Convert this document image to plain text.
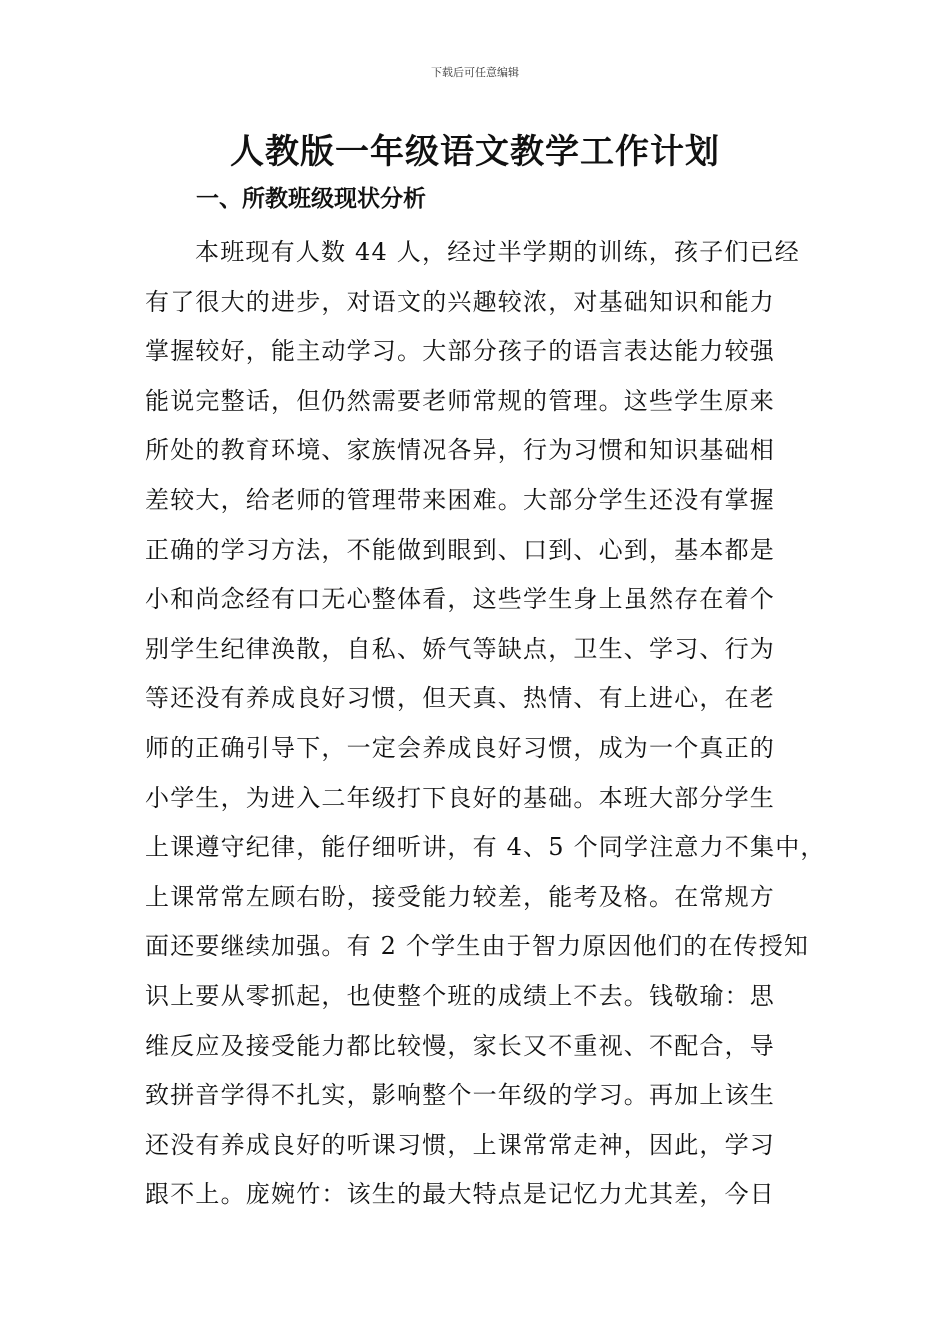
下载后可任意编辑
人教版一年级语文教学工作计划
一、所教班级现状分析
本班现有人数 44 人，经过半学期的训练，孩子们已经
有了很大的进步，对语文的兴趣较浓，对基础知识和能力
掌握较好，能主动学习。大部分孩子的语言表达能力较强
能说完整话，但仍然需要老师常规的管理。这些学生原来
所处的教育环境、家族情况各异，行为习惯和知识基础相
差较大，给老师的管理带来困难。大部分学生还没有掌握
正确的学习方法，不能做到眼到、口到、心到，基本都是
小和尚念经有口无心整体看，这些学生身上虽然存在着个
别学生纪律涣散，自私、娇气等缺点，卫生、学习、行为
等还没有养成良好习惯，但天真、热情、有上进心，在老
师的正确引导下，一定会养成良好习惯，成为一个真正的
小学生，为进入二年级打下良好的基础。本班大部分学生
上课遵守纪律，能仔细听讲，有 4、5 个同学注意力不集中，
上课常常左顾右盼，接受能力较差，能考及格。在常规方
面还要继续加强。有 2 个学生由于智力原因他们的在传授知
识上要从零抓起，也使整个班的成绩上不去。钱敬瑜：思
维反应及接受能力都比较慢，家长又不重视、不配合，导
致拼音学得不扎实，影响整个一年级的学习。再加上该生
还没有养成良好的听课习惯，上课常常走神，因此，学习
跟不上。庞婉竹：该生的最大特点是记忆力尤其差，今日
